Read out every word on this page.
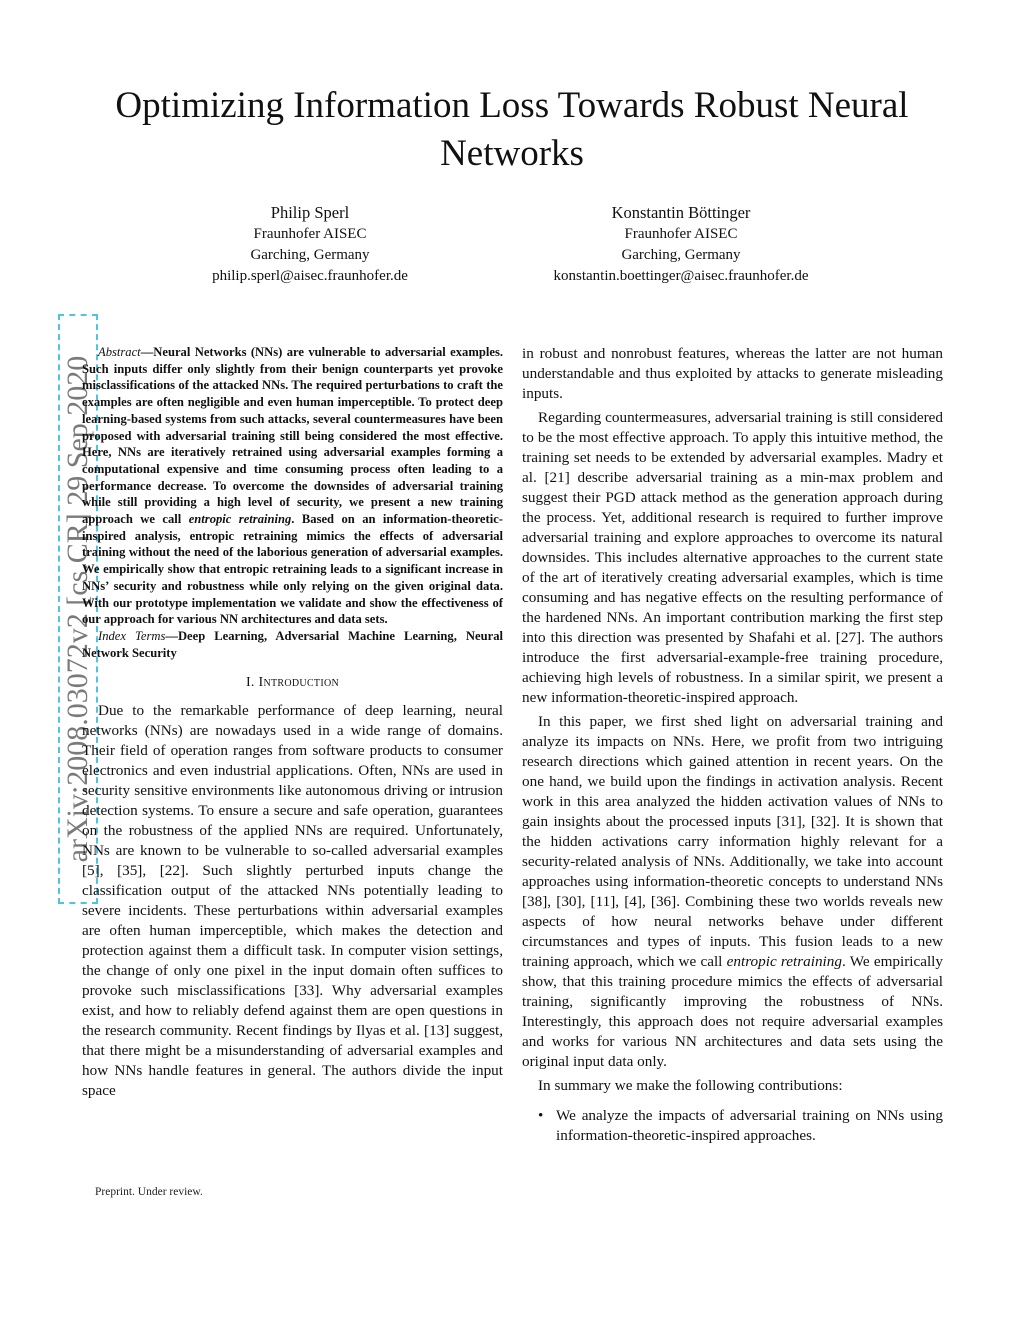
Optimizing Information Loss Towards Robust Neural Networks
Philip Sperl
Fraunhofer AISEC
Garching, Germany
philip.sperl@aisec.fraunhofer.de
Konstantin Böttinger
Fraunhofer AISEC
Garching, Germany
konstantin.boettinger@aisec.fraunhofer.de
arXiv:2008.03072v2 [cs.CR] 29 Sep 2020

Abstract—Neural Networks (NNs) are vulnerable to adversarial examples. Such inputs differ only slightly from their benign counterparts yet provoke misclassifications of the attacked NNs. The required perturbations to craft the examples are often negligible and even human imperceptible. To protect deep learning-based systems from such attacks, several countermeasures have been proposed with adversarial training still being considered the most effective. Here, NNs are iteratively retrained using adversarial examples forming a computational expensive and time consuming process often leading to a performance decrease. To overcome the downsides of adversarial training while still providing a high level of security, we present a new training approach we call entropic retraining. Based on an information-theoretic-inspired analysis, entropic retraining mimics the effects of adversarial training without the need of the laborious generation of adversarial examples. We empirically show that entropic retraining leads to a significant increase in NNs’ security and robustness while only relying on the given original data. With our prototype implementation we validate and show the effectiveness of our approach for various NN architectures and data sets.

Index Terms—Deep Learning, Adversarial Machine Learning, Neural Network Security

I. Introduction

Due to the remarkable performance of deep learning, neural networks (NNs) are nowadays used in a wide range of domains. Their field of operation ranges from software products to consumer electronics and even industrial applications. Often, NNs are used in security sensitive environments like autonomous driving or intrusion detection systems. To ensure a secure and safe operation, guarantees on the robustness of the applied NNs are required. Unfortunately, NNs are known to be vulnerable to so-called adversarial examples [5], [35], [22]. Such slightly perturbed inputs change the classification output of the attacked NNs potentially leading to severe incidents. These perturbations within adversarial examples are often human imperceptible, which makes the detection and protection against them a difficult task. In computer vision settings, the change of only one pixel in the input domain often suffices to provoke such misclassifications [33]. Why adversarial examples exist, and how to reliably defend against them are open questions in the research community. Recent findings by Ilyas et al. [13] suggest, that there might be a misunderstanding of adversarial examples and how NNs handle features in general. The authors divide the input space

Preprint. Under review.

in robust and nonrobust features, whereas the latter are not human understandable and thus exploited by attacks to generate misleading inputs.

Regarding countermeasures, adversarial training is still considered to be the most effective approach. To apply this intuitive method, the training set needs to be extended by adversarial examples. Madry et al. [21] describe adversarial training as a min-max problem and suggest their PGD attack method as the generation approach during the process. Yet, additional research is required to further improve adversarial training and explore approaches to overcome its natural downsides. This includes alternative approaches to the current state of the art of iteratively creating adversarial examples, which is time consuming and has negative effects on the resulting performance of the hardened NNs. An important contribution marking the first step into this direction was presented by Shafahi et al. [27]. The authors introduce the first adversarial-example-free training procedure, achieving high levels of robustness. In a similar spirit, we present a new information-theoretic-inspired approach.

In this paper, we first shed light on adversarial training and analyze its impacts on NNs. Here, we profit from two intriguing research directions which gained attention in recent years. On the one hand, we build upon the findings in activation analysis. Recent work in this area analyzed the hidden activation values of NNs to gain insights about the processed inputs [31], [32]. It is shown that the hidden activations carry information highly relevant for a security-related analysis of NNs. Additionally, we take into account approaches using information-theoretic concepts to understand NNs [38], [30], [11], [4], [36]. Combining these two worlds reveals new aspects of how neural networks behave under different circumstances and types of inputs. This fusion leads to a new training approach, which we call entropic retraining. We empirically show, that this training procedure mimics the effects of adversarial training, significantly improving the robustness of NNs. Interestingly, this approach does not require adversarial examples and works for various NN architectures and data sets using the original input data only.

In summary we make the following contributions:

• We analyze the impacts of adversarial training on NNs using information-theoretic-inspired approaches.
